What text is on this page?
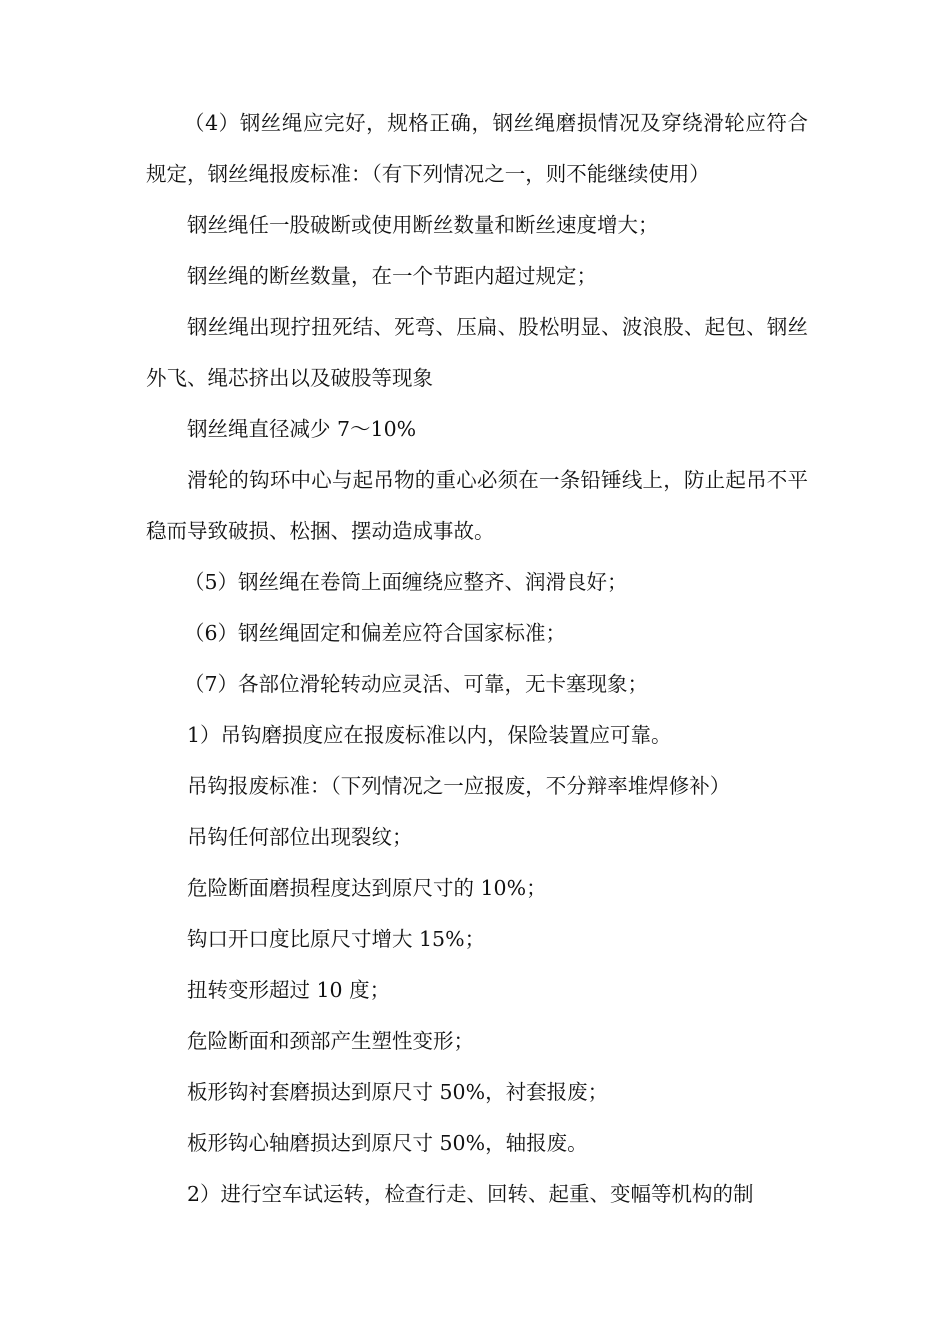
（4）钢丝绳应完好，规格正确，钢丝绳磨损情况及穿绕滑轮应符合规定，钢丝绳报废标准：（有下列情况之一，则不能继续使用）

钢丝绳任一股破断或使用断丝数量和断丝速度增大；

钢丝绳的断丝数量，在一个节距内超过规定；

钢丝绳出现拧扭死结、死弯、压扁、股松明显、波浪股、起包、钢丝外飞、绳芯挤出以及破股等现象

钢丝绳直径减少 7～10%

滑轮的钩环中心与起吊物的重心必须在一条铅锤线上，防止起吊不平稳而导致破损、松捆、摆动造成事故。

（5）钢丝绳在卷筒上面缠绕应整齐、润滑良好；

（6）钢丝绳固定和偏差应符合国家标准；

（7）各部位滑轮转动应灵活、可靠，无卡塞现象；

1）吊钩磨损度应在报废标准以内，保险装置应可靠。

吊钩报废标准：（下列情况之一应报废，不分辩率堆焊修补）

吊钩任何部位出现裂纹；

危险断面磨损程度达到原尺寸的 10%；

钩口开口度比原尺寸增大 15%；

扭转变形超过 10 度；

危险断面和颈部产生塑性变形；

板形钩衬套磨损达到原尺寸 50%，衬套报废；

板形钩心轴磨损达到原尺寸 50%，轴报废。

2）进行空车试运转，检查行走、回转、起重、变幅等机构的制
